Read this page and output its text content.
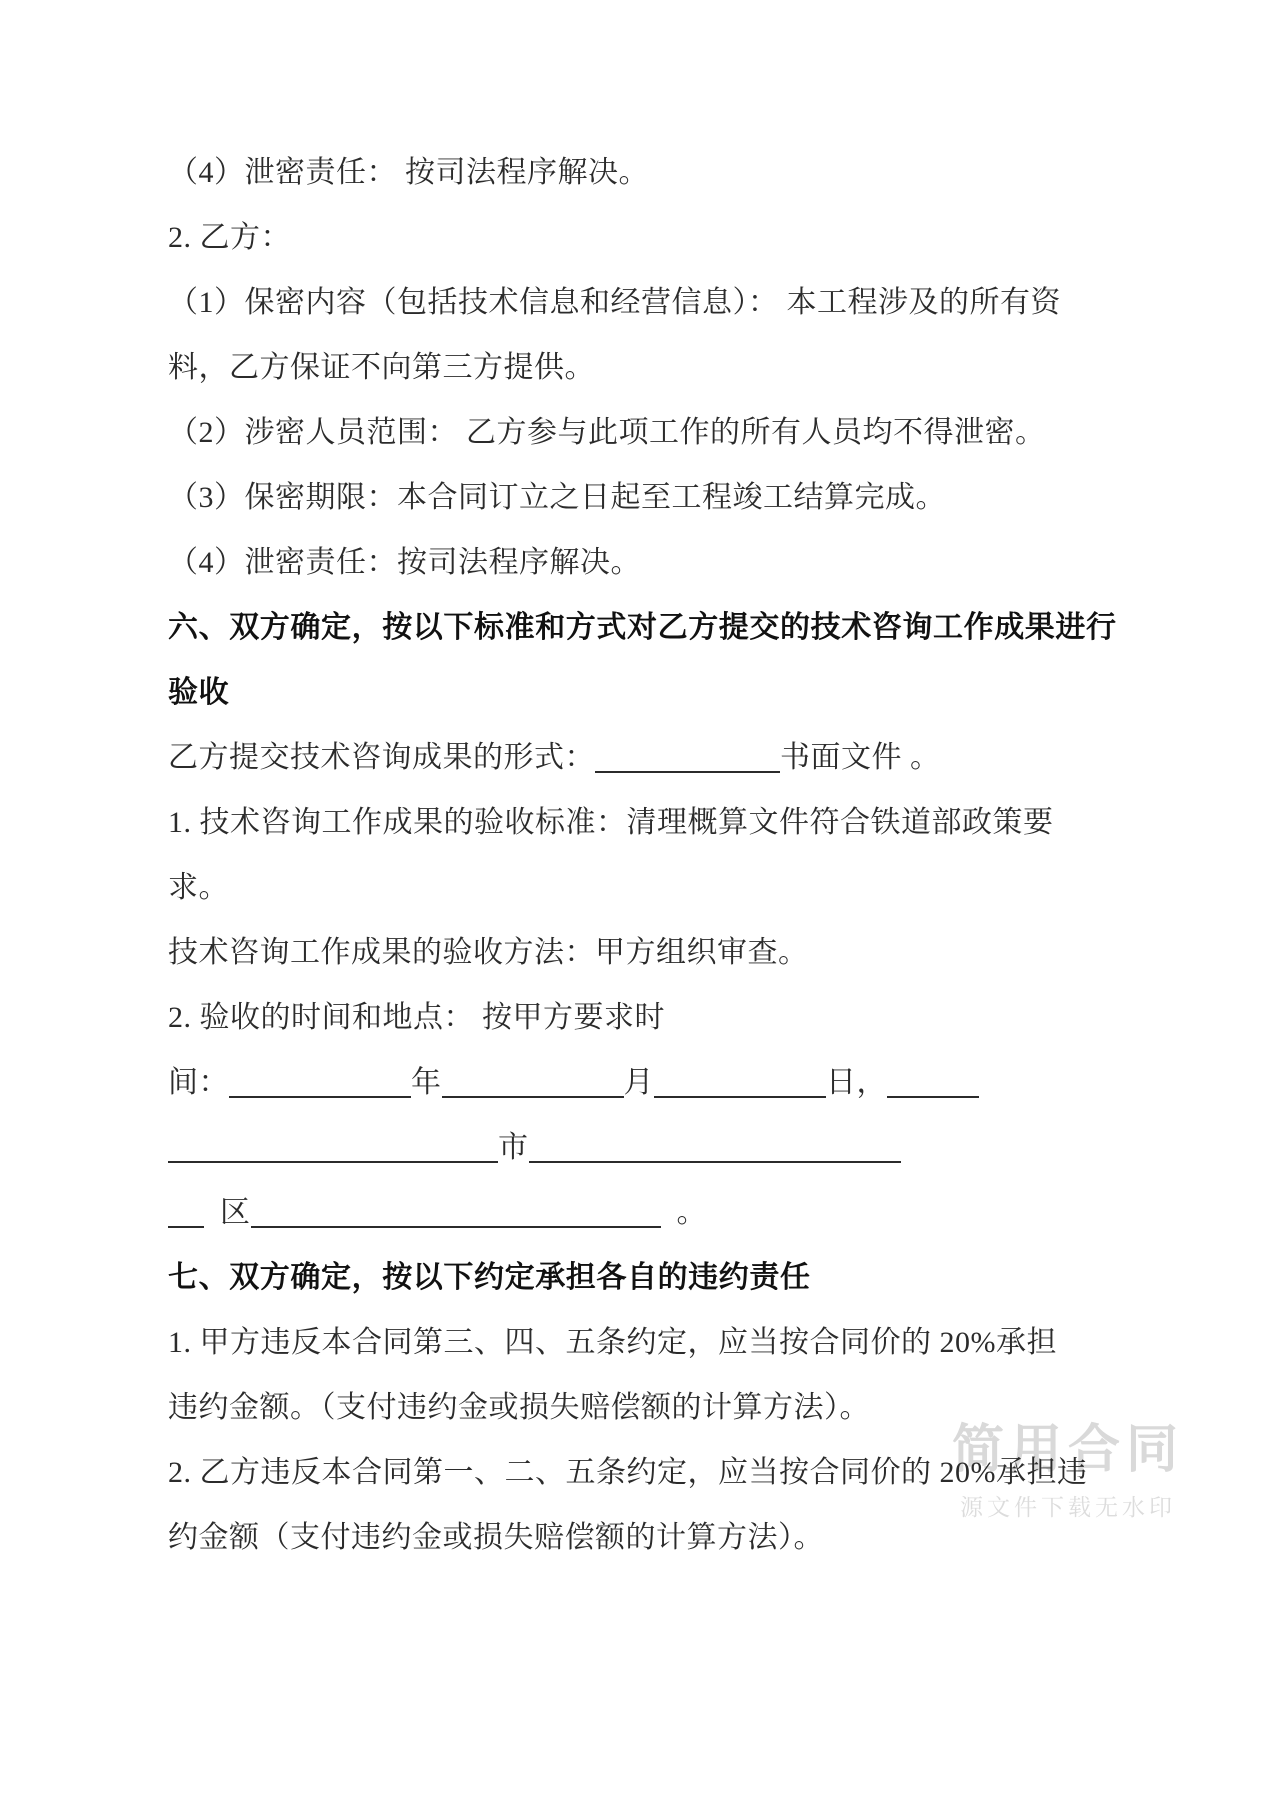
简用合同
源文件下载无水印

（4）泄密责任： 按司法程序解决。

2. 乙方：

（1）保密内容（包括技术信息和经营信息）： 本工程涉及的所有资

料，乙方保证不向第三方提供。

（2）涉密人员范围： 乙方参与此项工作的所有人员均不得泄密。

（3）保密期限：本合同订立之日起至工程竣工结算完成。

（4）泄密责任：按司法程序解决。

六、双方确定，按以下标准和方式对乙方提交的技术咨询工作成果进行验收
乙方提交技术咨询成果的形式：	书面文件 。

1. 技术咨询工作成果的验收标准：清理概算文件符合铁道部政策要

求。

技术咨询工作成果的验收方法：甲方组织审查。

2. 验收的时间和地点： 按甲方要求时

间：	年	月	日，
市
区	。
七、双方确定，按以下约定承担各自的违约责任

1. 甲方违反本合同第三、四、五条约定，应当按合同价的 20%承担

违约金额。（支付违约金或损失赔偿额的计算方法）。

2. 乙方违反本合同第一、二、五条约定，应当按合同价的 20%承担违

约金额（支付违约金或损失赔偿额的计算方法）。
